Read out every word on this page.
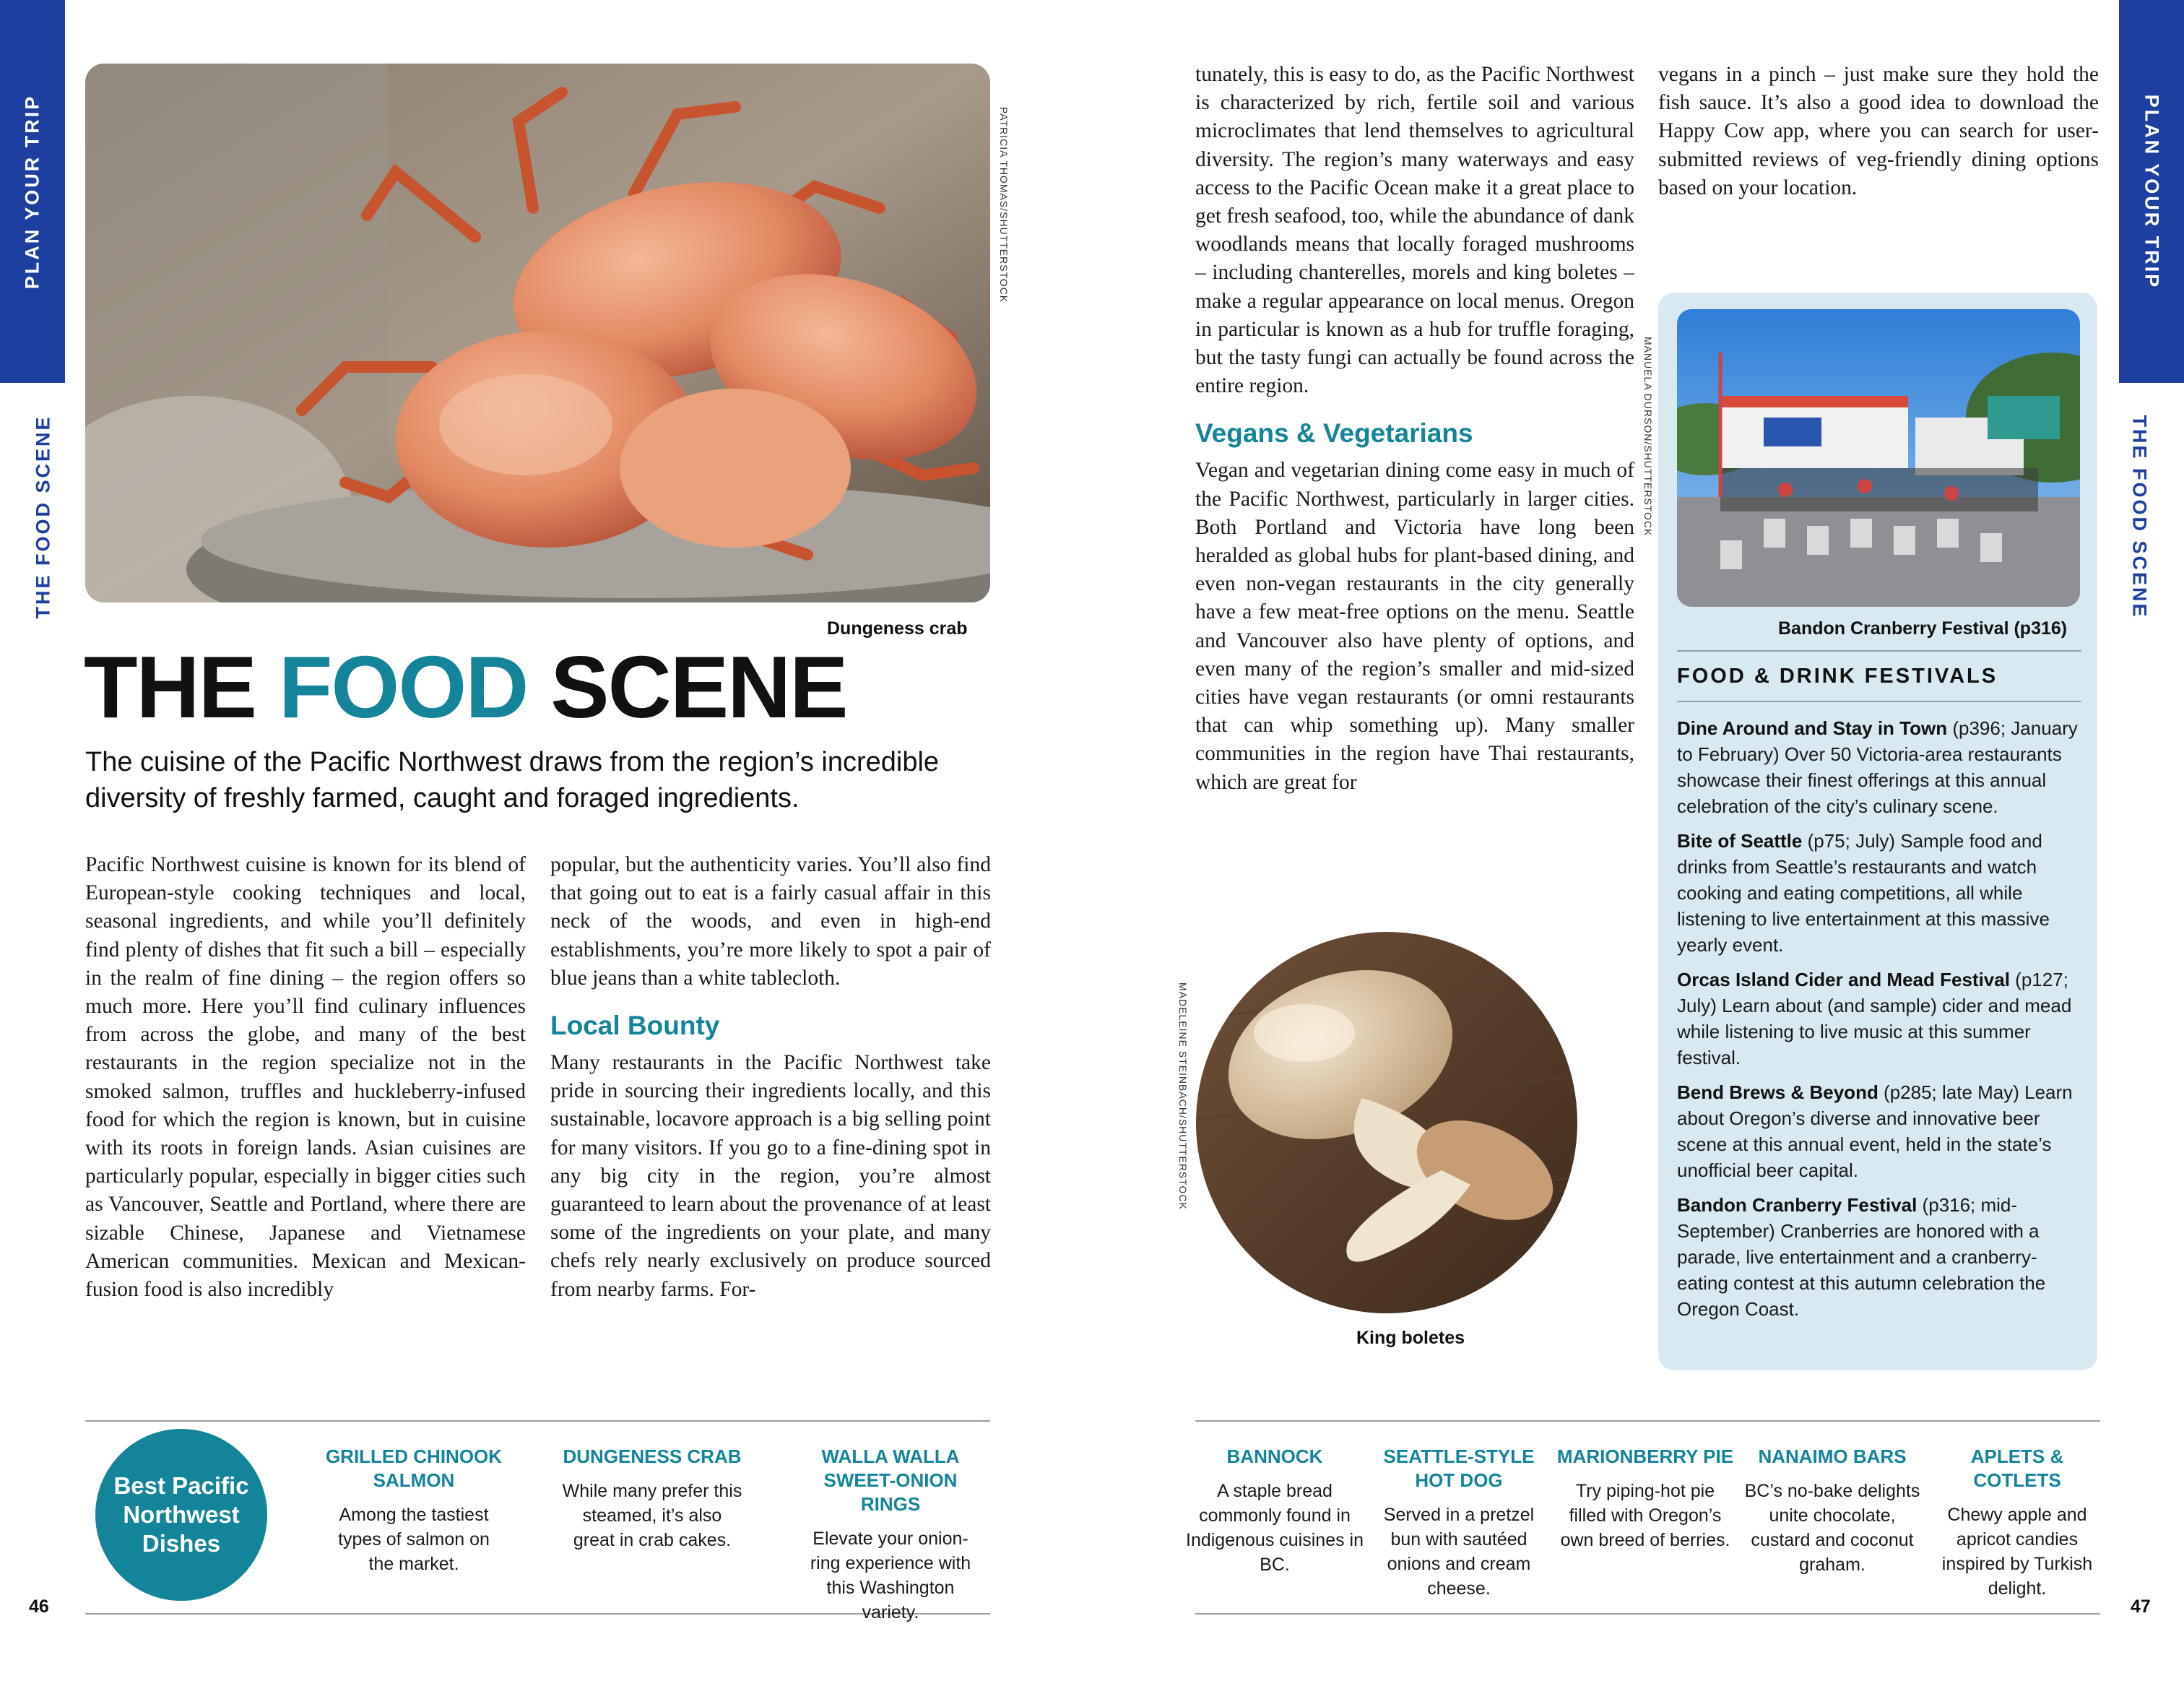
PLAN YOUR TRIP
THE FOOD SCENE
PLAN YOUR TRIP
THE FOOD SCENE
PATRICIA THOMAS/SHUTTERSTOCK
Dungeness crab
THE FOOD SCENE
The cuisine of the Pacific Northwest draws from the region’s incredible diversity of freshly farmed, caught and foraged ingredients.

Pacific Northwest cuisine is known for its blend of European-style cooking techniques and local, seasonal ingredients, and while you’ll definitely find plenty of dishes that fit such a bill – especially in the realm of fine dining – the region offers so much more. Here you’ll find culinary influences from across the globe, and many of the best restaurants in the region specialize not in the smoked salmon, truffles and huckleberry-infused food for which the region is known, but in cuisine with its roots in foreign lands. Asian cuisines are particularly popular, especially in bigger cities such as Vancouver, Seattle and Portland, where there are sizable Chinese, Japanese and Vietnamese American communities. Mexican and Mexican-fusion food is also incredibly

popular, but the authenticity varies. You’ll also find that going out to eat is a fairly casual affair in this neck of the woods, and even in high-end establishments, you’re more likely to spot a pair of blue jeans than a white tablecloth.

Local Bounty

Many restaurants in the Pacific Northwest take pride in sourcing their ingredients locally, and this sustainable, locavore approach is a big selling point for many visitors. If you go to a fine-dining spot in any big city in the region, you’re almost guaranteed to learn about the provenance of at least some of the ingredients on your plate, and many chefs rely nearly exclusively on produce sourced from nearby farms. For-

tunately, this is easy to do, as the Pacific Northwest is characterized by rich, fertile soil and various microclimates that lend themselves to agricultural diversity. The region’s many waterways and easy access to the Pacific Ocean make it a great place to get fresh seafood, too, while the abundance of dank woodlands means that locally foraged mushrooms – including chanterelles, morels and king boletes – make a regular appearance on local menus. Oregon in particular is known as a hub for truffle foraging, but the tasty fungi can actually be found across the entire region.

Vegans & Vegetarians

Vegan and vegetarian dining come easy in much of the Pacific Northwest, particularly in larger cities. Both Portland and Victoria have long been heralded as global hubs for plant-based dining, and even non-vegan restaurants in the city generally have a few meat-free options on the menu. Seattle and Vancouver also have plenty of options, and even many of the region’s smaller and mid-sized cities have vegan restaurants (or omni restaurants that can whip something up). Many smaller communities in the region have Thai restaurants, which are great for

vegans in a pinch – just make sure they hold the fish sauce. It’s also a good idea to download the Happy Cow app, where you can search for user-submitted reviews of veg-friendly dining options based on your location.

MADELEINE STEINBACH/SHUTTERSTOCK
MANUELA DURSON/SHUTTERSTOCK
King boletes
Bandon Cranberry Festival (p316)
FOOD & DRINK FESTIVALS
Dine Around and Stay in Town (p396; January to February) Over 50 Victoria-area restaurants showcase their finest offerings at this annual celebration of the city’s culinary scene.
Bite of Seattle (p75; July) Sample food and drinks from Seattle’s restaurants and watch cooking and eating competitions, all while listening to live entertainment at this massive yearly event.
Orcas Island Cider and Mead Festival (p127; July) Learn about (and sample) cider and mead while listening to live music at this summer festival.
Bend Brews & Beyond (p285; late May) Learn about Oregon’s diverse and innovative beer scene at this annual event, held in the state’s unofficial beer capital.
Bandon Cranberry Festival (p316; mid-September) Cranberries are honored with a parade, live entertainment and a cranberry-eating contest at this autumn celebration the Oregon Coast.
Best Pacific Northwest Dishes
GRILLED CHINOOK SALMON

Among the tastiest types of salmon on the market.

DUNGENESS CRAB

While many prefer this steamed, it’s also great in crab cakes.

WALLA WALLA SWEET-ONION RINGS

Elevate your onion-ring experience with this Washington variety.

BANNOCK

A staple bread commonly found in Indigenous cuisines in BC.

SEATTLE-STYLE HOT DOG

Served in a pretzel bun with sautéed onions and cream cheese.

MARIONBERRY PIE

Try piping-hot pie filled with Oregon’s own breed of berries.

NANAIMO BARS

BC’s no-bake delights unite chocolate, custard and coconut graham.

APLETS & COTLETS

Chewy apple and apricot candies inspired by Turkish delight.

46	47
